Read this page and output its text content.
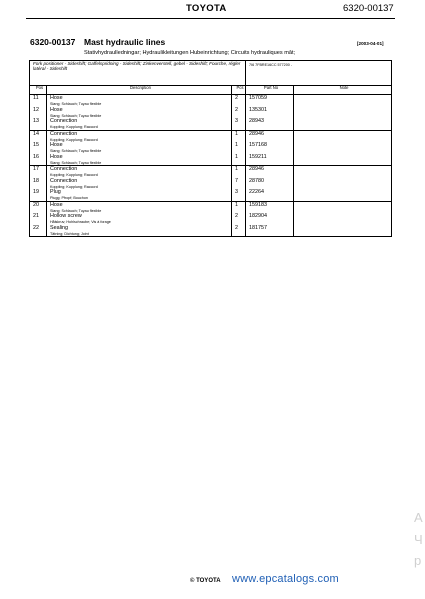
TOYOTA	6320-00137
6320-00137 Mast hydraulic lines	[2003-04-01]
Stativhydraulledningar; Hydraulikleitungen Hubeinrichtung; Circuits hydrauliques mât;
Fork positioner - Sideshift; Gaffelspridning - Sideshift; Zinkenverstell, gebel - Sideshift; Fourche, régler latéral - Sideshift			7I6 7FBRE16CC 577200 -	
Pos	Description	Pcs	Part No	Note
11	Hose
Slang; Schlauch; Tuyau flexible	2	157059	
12	Hose
Slang; Schlauch; Tuyau flexible	2	135301	
13	Connection
Koppling; Kupplung; Raccord	3	28943	
14	Connection
Koppling; Kupplung; Raccord	1	28946	
15	Hose
Slang; Schlauch; Tuyau flexible	1	157168	
16	Hose
Slang; Schlauch; Tuyau flexible	1	159211	
17	Connection
Koppling; Kupplung; Raccord	1	28946	
18	Connection
Koppling; Kupplung; Raccord	7	28780	
19	Plug
Plugg; Pfropf; Bouchon	3	22264	
20	Hose
Slang; Schlauch; Tuyau flexible	1	159183	
21	Hollow screw
Hålskruv; Hohlschraube; Vis à forage	2	182904	
22	Sealing
Tätning; Dichtung; Joint	2	181757	
© TOYOTA www.epcatalogs.com
A
Ч
р
